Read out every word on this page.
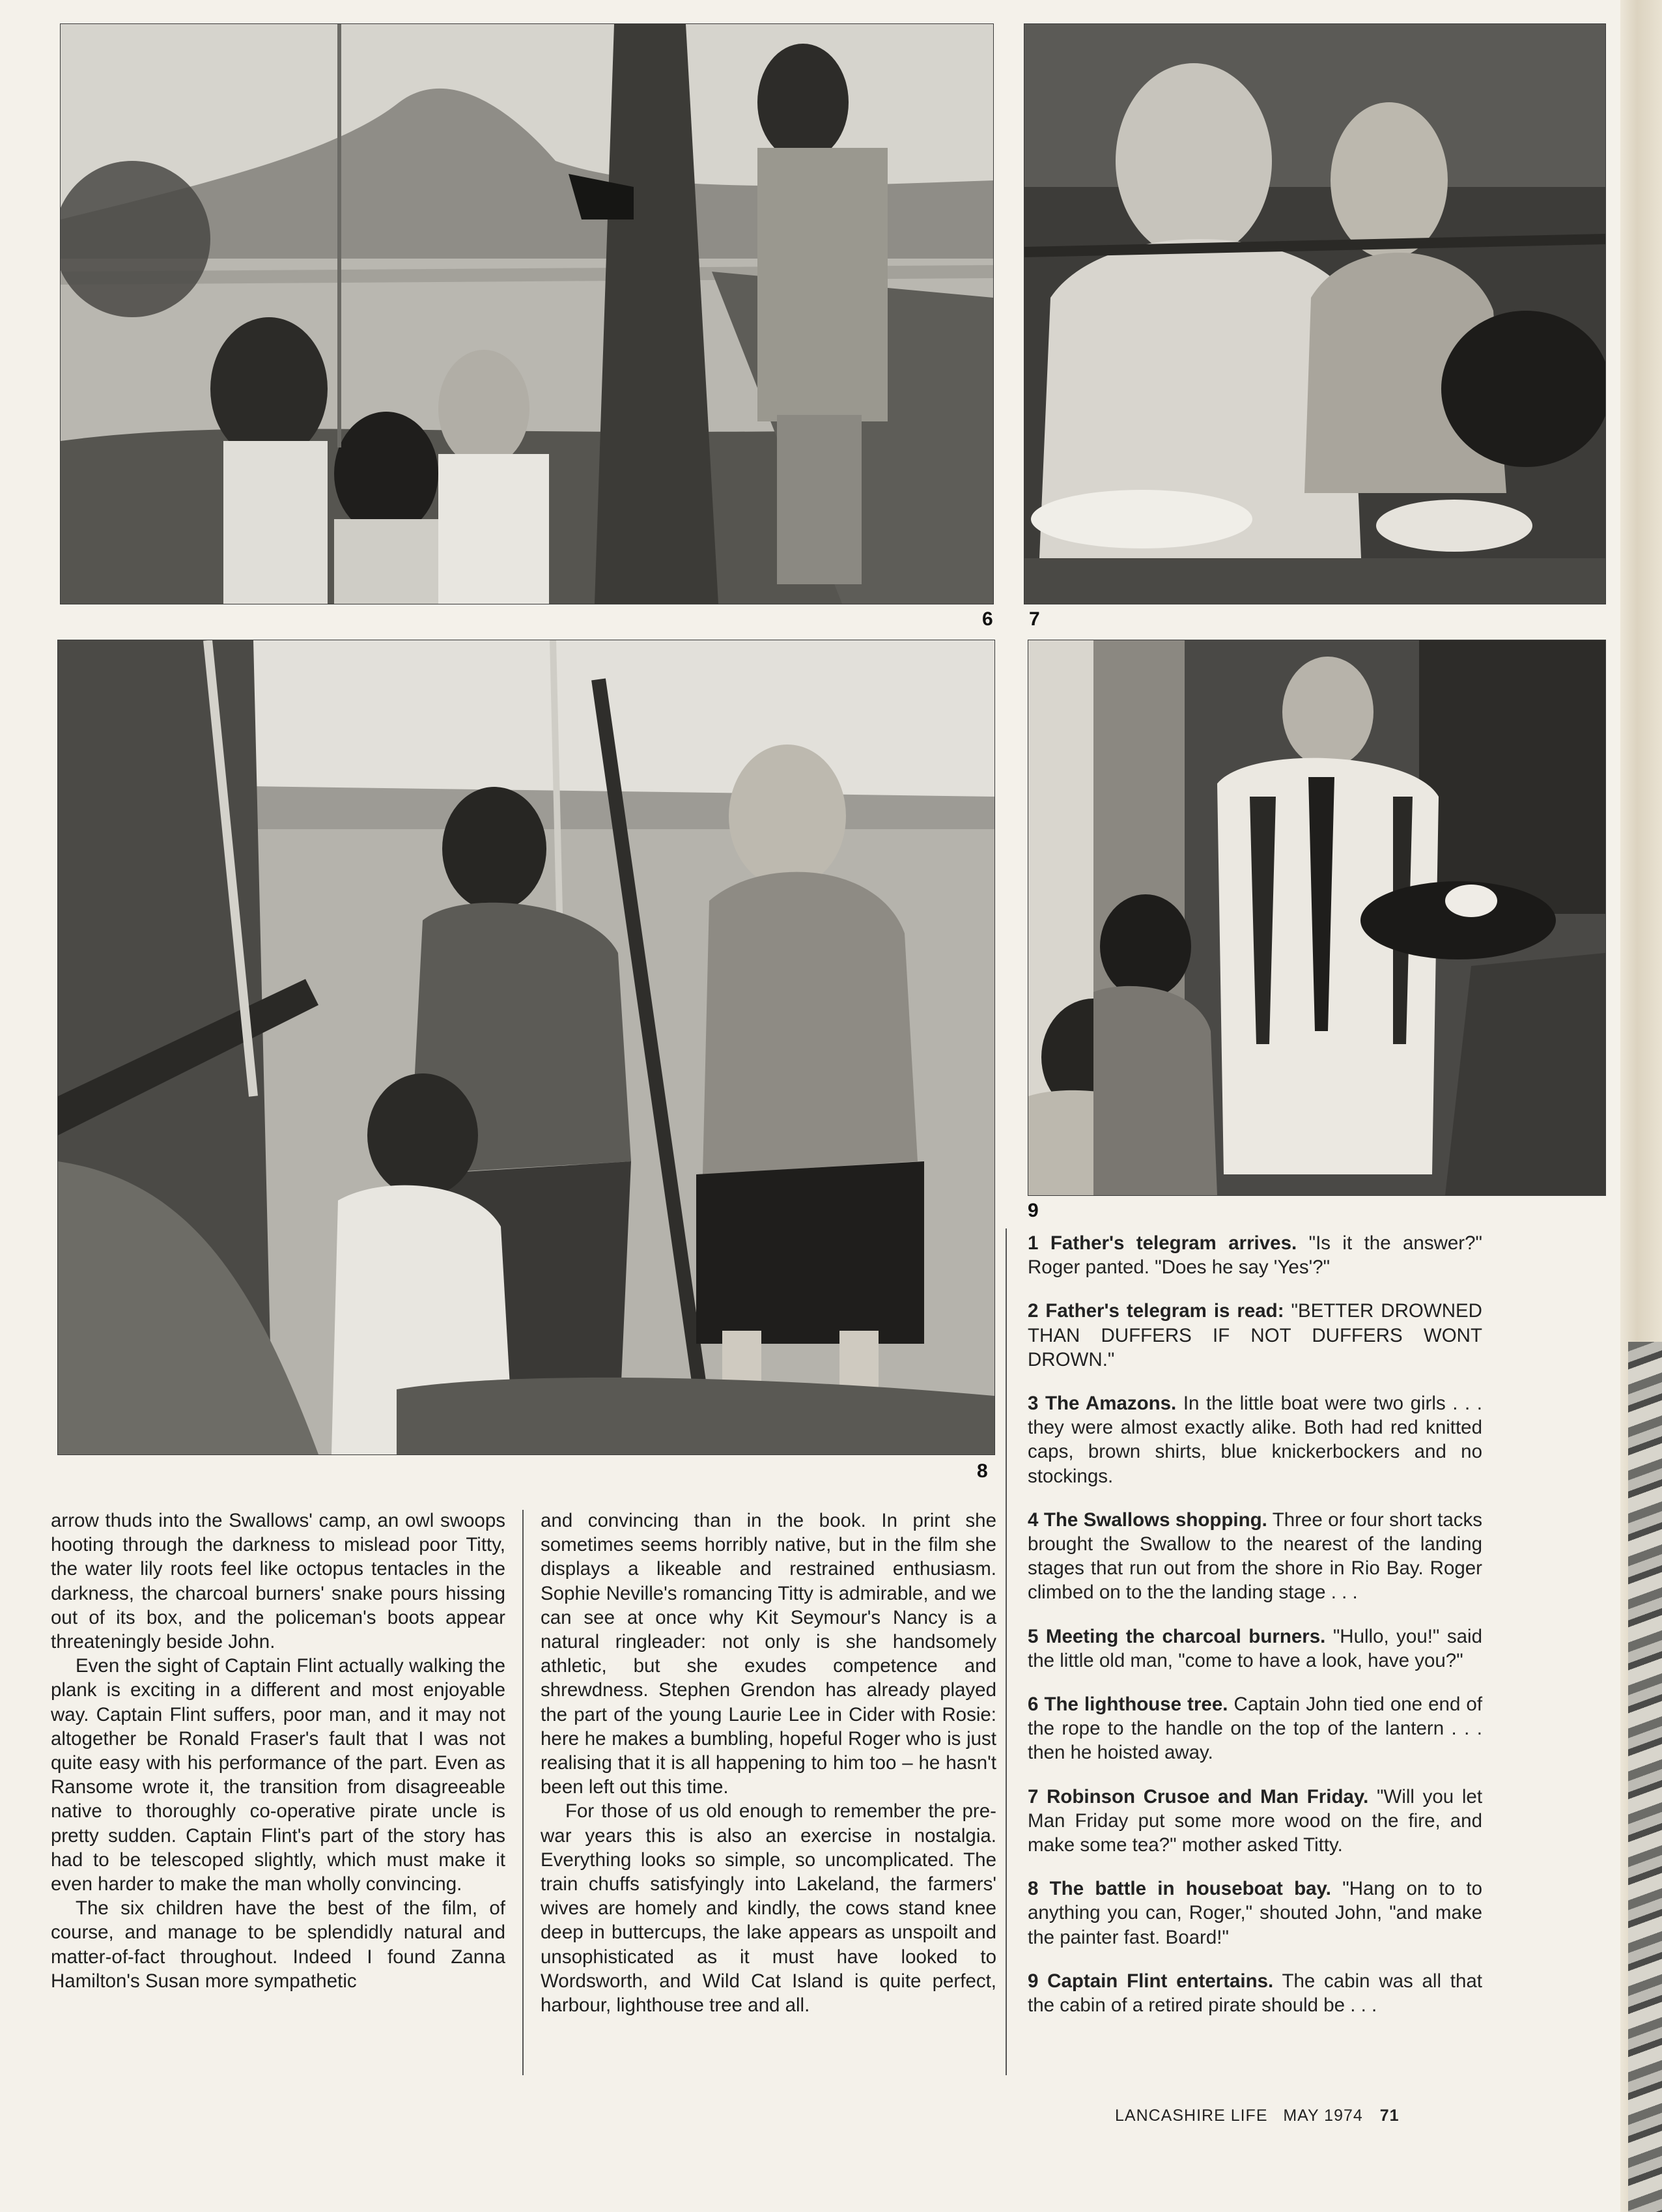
6 7
8
9

arrow thuds into the Swallows' camp, an owl swoops hooting through the darkness to mislead poor Titty, the water lily roots feel like octopus tentacles in the darkness, the charcoal burners' snake pours hissing out of its box, and the policeman's boots appear threateningly beside John.

Even the sight of Captain Flint actually walking the plank is exciting in a different and most enjoyable way. Captain Flint suffers, poor man, and it may not altogether be Ronald Fraser's fault that I was not quite easy with his performance of the part. Even as Ransome wrote it, the transition from disagreeable native to thoroughly co-operative pirate uncle is pretty sudden. Captain Flint's part of the story has had to be telescoped slightly, which must make it even harder to make the man wholly convincing.

The six children have the best of the film, of course, and manage to be splendidly natural and matter-of-fact throughout. Indeed I found Zanna Hamilton's Susan more sympathetic

and convincing than in the book. In print she sometimes seems horribly native, but in the film she displays a likeable and restrained enthusiasm. Sophie Neville's romancing Titty is admirable, and we can see at once why Kit Seymour's Nancy is a natural ringleader: not only is she handsomely athletic, but she exudes competence and shrewdness. Stephen Grendon has already played the part of the young Laurie Lee in Cider with Rosie: here he makes a bumbling, hopeful Roger who is just realising that it is all happening to him too – he hasn't been left out this time.

For those of us old enough to remember the pre-war years this is also an exercise in nostalgia. Everything looks so simple, so uncomplicated. The train chuffs satisfyingly into Lakeland, the farmers' wives are homely and kindly, the cows stand knee deep in buttercups, the lake appears as unspoilt and unsophisticated as it must have looked to Wordsworth, and Wild Cat Island is quite perfect, harbour, lighthouse tree and all.

1 Father's telegram arrives. "Is it the answer?" Roger panted. "Does he say 'Yes'?"

2 Father's telegram is read: "BETTER DROWNED THAN DUFFERS IF NOT DUFFERS WONT DROWN."

3 The Amazons. In the little boat were two girls . . . they were almost exactly alike. Both had red knitted caps, brown shirts, blue knickerbockers and no stockings.

4 The Swallows shopping. Three or four short tacks brought the Swallow to the nearest of the landing stages that run out from the shore in Rio Bay. Roger climbed on to the the landing stage . . .

5 Meeting the charcoal burners. "Hullo, you!" said the little old man, "come to have a look, have you?"

6 The lighthouse tree. Captain John tied one end of the rope to the handle on the top of the lantern . . . then he hoisted away.

7 Robinson Crusoe and Man Friday. "Will you let Man Friday put some more wood on the fire, and make some tea?" mother asked Titty.

8 The battle in houseboat bay. "Hang on to to anything you can, Roger," shouted John, "and make the painter fast. Board!"

9 Captain Flint entertains. The cabin was all that the cabin of a retired pirate should be . . .

LANCASHIRE LIFE MAY 1974 71
